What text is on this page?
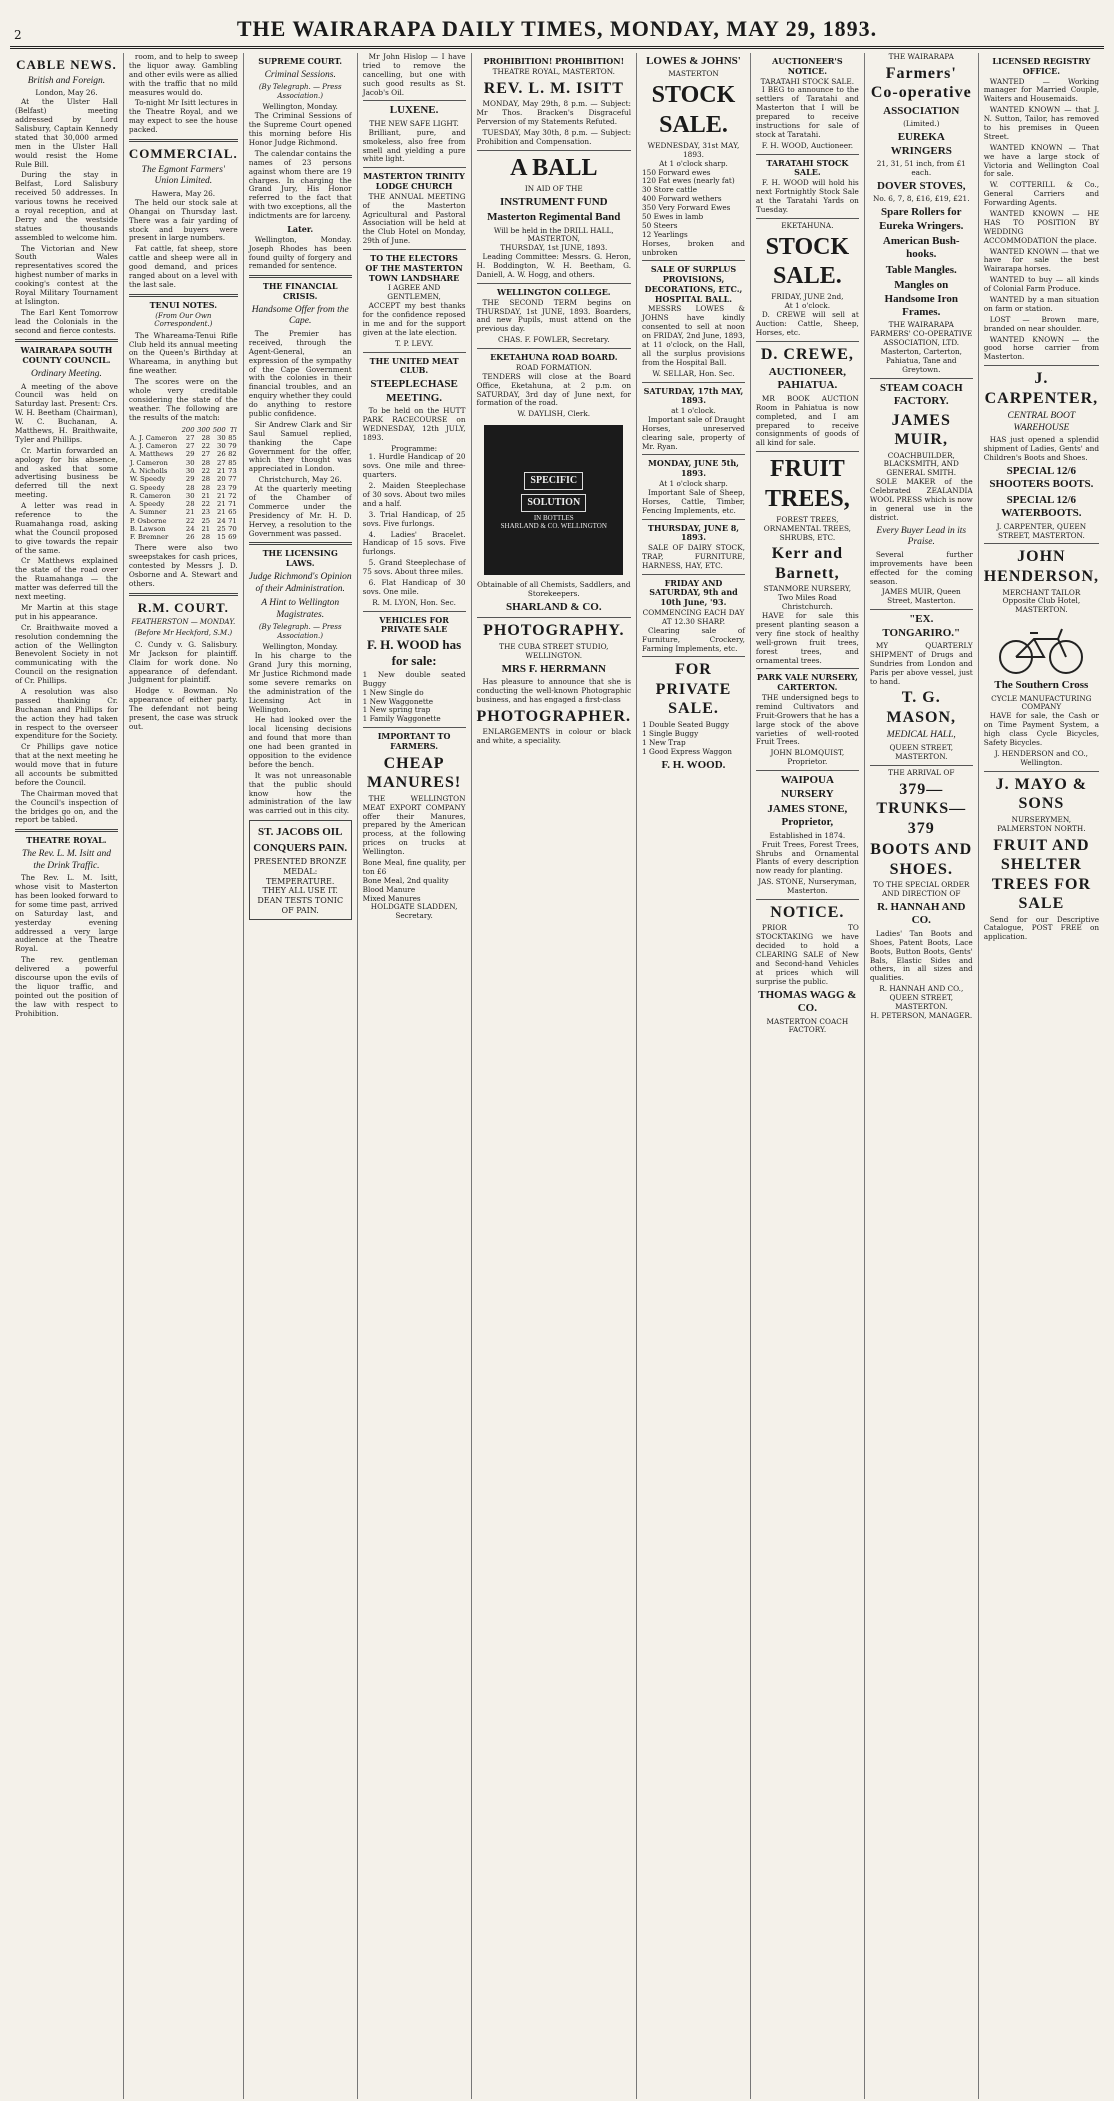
2	THE WAIRARAPA DAILY TIMES, MONDAY, MAY 29, 1893.
CABLE NEWS.
British and Foreign.
London, May 26.

At the Ulster Hall (Belfast) meeting addressed by Lord Salisbury, Captain Kennedy stated that 30,000 armed men in the Ulster Hall would resist the Home Rule Bill.

During the stay in Belfast, Lord Salisbury received 50 addresses. In various towns he received a royal reception, and at Derry and the westside statues thousands assembled to welcome him.

The Victorian and New South Wales representatives scored the highest number of marks in cooking's contest at the Royal Military Tournament at Islington.

The Earl Kent Tomorrow lead the Colonials in the second and fierce contests.

WAIRARAPA SOUTH COUNTY COUNCIL.
Ordinary Meeting.

A meeting of the above Council was held on Saturday last. Present: Crs. W. H. Beetham (Chairman), W. C. Buchanan, A. Matthews, H. Braithwaite, Tyler and Phillips.

Cr. Martin forwarded an apology for his absence, and asked that some advertising business be deferred till the next meeting.

A letter was read in reference to the Ruamahanga road, asking what the Council proposed to give towards the repair of the same.

Cr Matthews explained the state of the road over the Ruamahanga — the matter was deferred till the next meeting.

Mr Martin at this stage put in his appearance.

Cr. Braithwaite moved a resolution condemning the action of the Wellington Benevolent Society in not communicating with the Council on the resignation of Cr. Phillips.

A resolution was also passed thanking Cr. Buchanan and Phillips for the action they had taken in respect to the overseer expenditure for the Society.

Cr Phillips gave notice that at the next meeting he would move that in future all accounts be submitted before the Council.

The Chairman moved that the Council's inspection of the bridges go on, and the report be tabled.

THEATRE ROYAL.
The Rev. L. M. Isitt and the Drink Traffic.

The Rev. L. M. Isitt, whose visit to Masterton has been looked forward to for some time past, arrived on Saturday last, and yesterday evening addressed a very large audience at the Theatre Royal.

The rev. gentleman delivered a powerful discourse upon the evils of the liquor traffic, and pointed out the position of the law with respect to Prohibition.

room, and to help to sweep the liquor away. Gambling and other evils were as allied with the traffic that no mild measures would do.

To-night Mr Isitt lectures in the Theatre Royal, and we may expect to see the house packed.

COMMERCIAL.
The Egmont Farmers' Union Limited.
Hawera, May 26.

The held our stock sale at Ohangai on Thursday last. There was a fair yarding of stock and buyers were present in large numbers.

Fat cattle, fat sheep, store cattle and sheep were all in good demand, and prices ranged about on a level with the last sale.

TENUI NOTES.
(From Our Own Correspondent.)

The Whareama-Tenui Rifle Club held its annual meeting on the Queen's Birthday at Whareama, in anything but fine weather.

The scores were on the whole very creditable considering the state of the weather. The following are the results of the match:

	200	300	500	Tl
A. J. Cameron	27	28	30	85
A. J. Cameron	27	22	30	79
A. Matthews	29	27	26	82
J. Cameron	30	28	27	85
A. Nicholls	30	22	21	73
W. Speedy	29	28	20	77
G. Speedy	28	28	23	79
R. Cameron	30	21	21	72
A. Speedy	28	22	21	71
A. Sumner	21	23	21	65
P. Osborne	22	25	24	71
B. Lawson	24	21	25	70
F. Bremner	26	28	15	69

There were also two sweepstakes for cash prices, contested by Messrs J. D. Osborne and A. Stewart and others.

R.M. COURT.
FEATHERSTON — MONDAY.
(Before Mr Heckford, S.M.)

C. Cundy v. G. Salisbury. Mr Jackson for plaintiff. Claim for work done. No appearance of defendant. Judgment for plaintiff.

Hodge v. Bowman. No appearance of either party. The defendant not being present, the case was struck out.

SUPREME COURT.
Criminal Sessions.
(By Telegraph. — Press Association.)
Wellington, Monday.

The Criminal Sessions of the Supreme Court opened this morning before His Honor Judge Richmond.

The calendar contains the names of 23 persons against whom there are 19 charges. In charging the Grand Jury, His Honor referred to the fact that with two exceptions, all the indictments are for larceny.

Later.

Wellington, Monday. Joseph Rhodes has been found guilty of forgery and remanded for sentence.

THE FINANCIAL CRISIS.
Handsome Offer from the Cape.

The Premier has received, through the Agent-General, an expression of the sympathy of the Cape Government with the colonies in their financial troubles, and an enquiry whether they could do anything to restore public confidence.

Sir Andrew Clark and Sir Saul Samuel replied, thanking the Cape Government for the offer, which they thought was appreciated in London.

Christchurch, May 26.

At the quarterly meeting of the Chamber of Commerce under the Presidency of Mr. H. D. Hervey, a resolution to the Government was passed.

THE LICENSING LAWS.
Judge Richmond's Opinion of their Administration.
A Hint to Wellington Magistrates.
(By Telegraph. — Press Association.)
Wellington, Monday.

In his charge to the Grand Jury this morning, Mr Justice Richmond made some severe remarks on the administration of the Licensing Act in Wellington.

He had looked over the local licensing decisions and found that more than one had been granted in opposition to the evidence before the bench.

It was not unreasonable that the public should know how the administration of the law was carried out in this city.

ST. JACOBS OIL
CONQUERS PAIN.
PRESENTED BRONZE MEDAL: TEMPERATURE.
THEY ALL USE IT.
DEAN TESTS TONIC OF PAIN.

Mr John Hislop — I have tried to remove the cancelling, but one with such good results as St. Jacob's Oil.

LUXENE.
THE NEW SAFE LIGHT.

Brilliant, pure, and smokeless, also free from smell and yielding a pure white light.

MASTERTON TRINITY LODGE CHURCH

THE ANNUAL MEETING of the Masterton Agricultural and Pastoral Association will be held at the Club Hotel on Monday, 29th of June.

TO THE ELECTORS OF THE MASTERTON TOWN LANDSHARE
I AGREE AND GENTLEMEN,

ACCEPT my best thanks for the confidence reposed in me and for the support given at the late election.

T. P. LEVY.
THE UNITED MEAT CLUB.
STEEPLECHASE MEETING.

To be held on the HUTT PARK RACECOURSE on WEDNESDAY, 12th JULY, 1893.

Programme:

1. Hurdle Handicap of 20 sovs. One mile and three-quarters.

2. Maiden Steeplechase of 30 sovs. About two miles and a half.

3. Trial Handicap, of 25 sovs. Five furlongs.

4. Ladies' Bracelet. Handicap of 15 sovs. Five furlongs.

5. Grand Steeplechase of 75 sovs. About three miles.

6. Flat Handicap of 30 sovs. One mile.

R. M. LYON, Hon. Sec.
VEHICLES FOR PRIVATE SALE
F. H. WOOD has for sale:
1 New double seated Buggy
1 New Single do
1 New Waggonette
1 New spring trap
1 Family Waggonette
IMPORTANT TO FARMERS.
CHEAP MANURES!

THE WELLINGTON MEAT EXPORT COMPANY offer their Manures, prepared by the American process, at the following prices on trucks at Wellington.

Bone Meal, fine quality, per ton £6
Bone Meal, 2nd quality
Blood Manure
Mixed Manures
HOLDGATE SLADDEN, Secretary.
PROHIBITION! PROHIBITION!
THEATRE ROYAL, MASTERTON.
REV. L. M. ISITT

MONDAY, May 29th, 8 p.m. — Subject: Mr Thos. Bracken's Disgraceful Perversion of my Statements Refuted.

TUESDAY, May 30th, 8 p.m. — Subject: Prohibition and Compensation.

A BALL
IN AID OF THE
INSTRUMENT FUND
Masterton Regimental Band
Will be held in the DRILL HALL, MASTERTON,
THURSDAY, 1st JUNE, 1893.

Leading Committee: Messrs. G. Heron, H. Boddington, W. H. Beetham, G. Daniell, A. W. Hogg, and others.

WELLINGTON COLLEGE.

THE SECOND TERM begins on THURSDAY, 1st JUNE, 1893. Boarders, and new Pupils, must attend on the previous day.

CHAS. F. FOWLER, Secretary.
EKETAHUNA ROAD BOARD.
ROAD FORMATION.

TENDERS will close at the Board Office, Eketahuna, at 2 p.m. on SATURDAY, 3rd day of June next, for formation of the road.

W. DAYLISH, Clerk.
SPECIFIC
SOLUTION
IN BOTTLES
SHARLAND & CO. WELLINGTON
Obtainable of all Chemists, Saddlers, and Storekeepers.
SHARLAND & CO.
PHOTOGRAPHY.
THE CUBA STREET STUDIO, WELLINGTON.
MRS F. HERRMANN

Has pleasure to announce that she is conducting the well-known Photographic business, and has engaged a first-class

PHOTOGRAPHER.

ENLARGEMENTS in colour or black and white, a speciality.

LOWES & JOHNS'
MASTERTON
STOCK SALE.
WEDNESDAY, 31st MAY, 1893.
At 1 o'clock sharp.
150 Forward ewes
120 Fat ewes (nearly fat)
30 Store cattle
400 Forward wethers
350 Very Forward Ewes
50 Ewes in lamb
50 Steers
12 Yearlings
Horses, broken and unbroken
SALE OF SURPLUS PROVISIONS, DECORATIONS, ETC., HOSPITAL BALL.

MESSRS LOWES & JOHNS have kindly consented to sell at noon on FRIDAY, 2nd June, 1893, at 11 o'clock, on the Hall, all the surplus provisions from the Hospital Ball.

W. SELLAR, Hon. Sec.
SATURDAY, 17th MAY, 1893.
at 1 o'clock.

Important sale of Draught Horses, unreserved clearing sale, property of Mr. Ryan.

MONDAY, JUNE 5th, 1893.
At 1 o'clock sharp.

Important Sale of Sheep, Horses, Cattle, Timber, Fencing Implements, etc.

THURSDAY, JUNE 8, 1893.

SALE OF DAIRY STOCK, TRAP, FURNITURE, HARNESS, HAY, ETC.

FRIDAY AND SATURDAY, 9th and 10th June, '93.
COMMENCING EACH DAY AT 12.30 SHARP.

Clearing sale of Furniture, Crockery, Farming Implements, etc.

FOR PRIVATE SALE.
1 Double Seated Buggy
1 Single Buggy
1 New Trap
1 Good Express Waggon
F. H. WOOD.
AUCTIONEER'S NOTICE.
TARATAHI STOCK SALE.

I BEG to announce to the settlers of Taratahi and Masterton that I will be prepared to receive instructions for sale of stock at Taratahi.

F. H. WOOD, Auctioneer.
TARATAHI STOCK SALE.

F. H. WOOD will hold his next Fortnightly Stock Sale at the Taratahi Yards on Tuesday.

EKETAHUNA.
STOCK SALE.
FRIDAY, JUNE 2nd,
At 1 o'clock.

D. CREWE will sell at Auction: Cattle, Sheep, Horses, etc.

D. CREWE,
AUCTIONEER, PAHIATUA.

MR BOOK AUCTION Room in Pahiatua is now completed, and I am prepared to receive consignments of goods of all kind for sale.

FRUIT TREES,
FOREST TREES, ORNAMENTAL TREES, SHRUBS, ETC.
Kerr and Barnett,
STANMORE NURSERY, Two Miles Road Christchurch.

HAVE for sale this present planting season a very fine stock of healthy well-grown fruit trees, forest trees, and ornamental trees.

PARK VALE NURSERY, CARTERTON.

THE undersigned begs to remind Cultivators and Fruit-Growers that he has a large stock of the above varieties of well-rooted Fruit Trees.

JOHN BLOMQUIST, Proprietor.
WAIPOUA NURSERY
JAMES STONE, Proprietor,
Established in 1874.

Fruit Trees, Forest Trees, Shrubs and Ornamental Plants of every description now ready for planting.

JAS. STONE, Nurseryman, Masterton.
NOTICE.

PRIOR TO STOCKTAKING we have decided to hold a CLEARING SALE of New and Second-hand Vehicles at prices which will surprise the public.

THOMAS WAGG & CO.
MASTERTON COACH FACTORY.
THE WAIRARAPA
Farmers' Co-operative
ASSOCIATION
(Limited.)
EUREKA WRINGERS
21, 31, 51 inch, from £1 each.
DOVER STOVES,
No. 6, 7, 8, £16, £19, £21.
Spare Rollers for Eureka Wringers.
American Bush-hooks.
Table Mangles.
Mangles on Handsome Iron Frames.
THE WAIRARAPA FARMERS' CO-OPERATIVE ASSOCIATION, LTD.
Masterton, Carterton, Pahiatua, Tane and Greytown.
STEAM COACH FACTORY.
JAMES MUIR,
COACHBUILDER, BLACKSMITH, AND GENERAL SMITH.

SOLE MAKER of the Celebrated ZEALANDIA WOOL PRESS which is now in general use in the district.

Every Buyer Lead in its Praise.

Several further improvements have been effected for the coming season.

JAMES MUIR, Queen Street, Masterton.
"EX. TONGARIRO."

MY QUARTERLY SHIPMENT of Drugs and Sundries from London and Paris per above vessel, just to hand.

T. G. MASON,
MEDICAL HALL,
QUEEN STREET, MASTERTON.
THE ARRIVAL OF
379—TRUNKS—379
BOOTS AND SHOES.
TO THE SPECIAL ORDER AND DIRECTION OF
R. HANNAH AND CO.

Ladies' Tan Boots and Shoes, Patent Boots, Lace Boots, Button Boots, Gents' Bals, Elastic Sides and others, in all sizes and qualities.

R. HANNAH AND CO., QUEEN STREET, MASTERTON.
H. PETERSON, MANAGER.
LICENSED REGISTRY OFFICE.

WANTED — Working manager for Married Couple, Waiters and Housemaids.

WANTED KNOWN — that J. N. Sutton, Tailor, has removed to his premises in Queen Street.

WANTED KNOWN — That we have a large stock of Victoria and Wellington Coal for sale.

W. COTTERILL & Co., General Carriers and Forwarding Agents.

WANTED KNOWN — HE HAS TO POSITION BY WEDDING ACCOMMODATION the place.

WANTED KNOWN — that we have for sale the best Wairarapa horses.

WANTED to buy — all kinds of Colonial Farm Produce.

WANTED by a man situation on farm or station.

LOST — Brown mare, branded on near shoulder.

WANTED KNOWN — the good horse carrier from Masterton.

J. CARPENTER,
CENTRAL BOOT WAREHOUSE

HAS just opened a splendid shipment of Ladies, Gents' and Children's Boots and Shoes.

SPECIAL 12/6 SHOOTERS BOOTS.
SPECIAL 12/6 WATERBOOTS.
J. CARPENTER, QUEEN STREET, MASTERTON.
JOHN HENDERSON,
MERCHANT TAILOR
Opposite Club Hotel, MASTERTON.
The Southern Cross
CYCLE MANUFACTURING COMPANY

HAVE for sale, the Cash or on Time Payment System, a high class Cycle Bicycles, Safety Bicycles.

J. HENDERSON and CO., Wellington.
J. MAYO & SONS
NURSERYMEN,
PALMERSTON NORTH.
FRUIT AND SHELTER TREES FOR SALE

Send for our Descriptive Catalogue, POST FREE on application.
